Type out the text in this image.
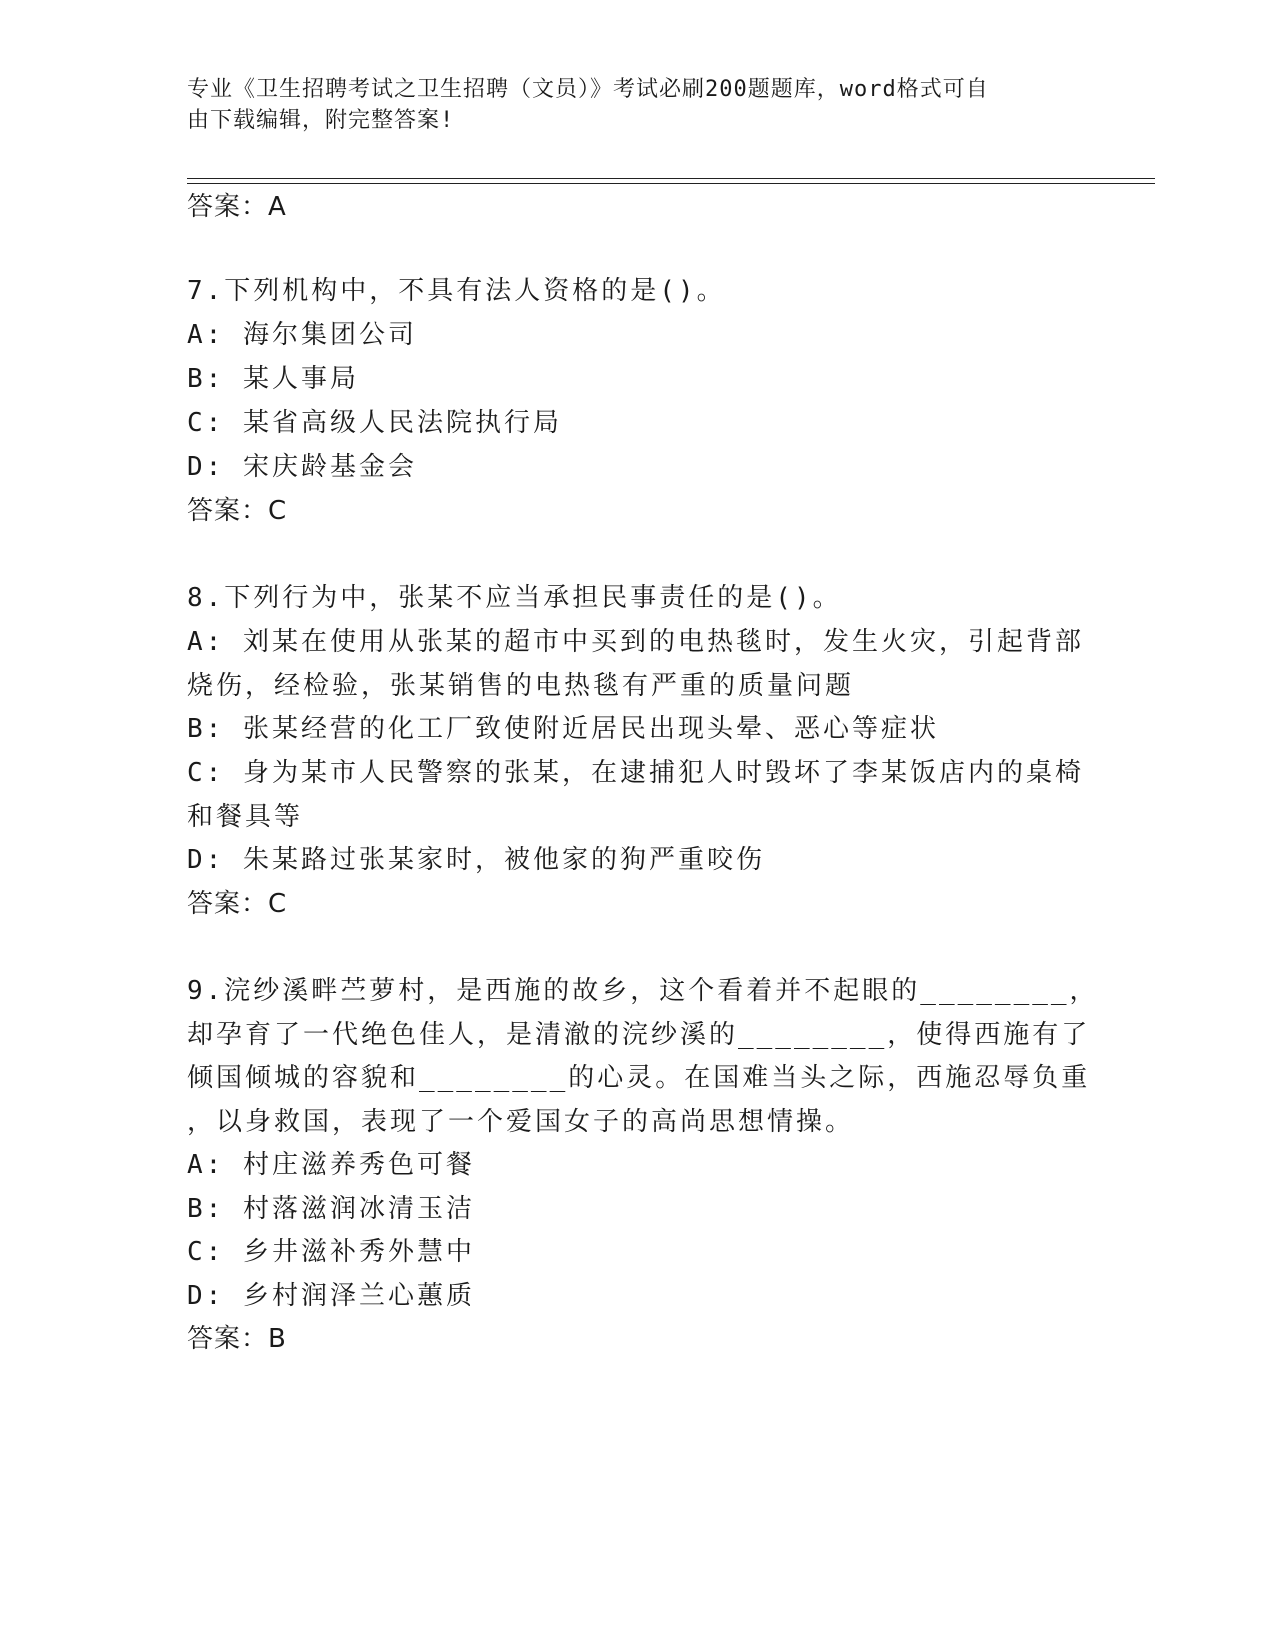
专业《卫生招聘考试之卫生招聘（文员）》考试必刷200题题库，word格式可自
由下载编辑，附完整答案!
答案：A
7.下列机构中，不具有法人资格的是()。
A: 海尔集团公司
B: 某人事局
C: 某省高级人民法院执行局
D: 宋庆龄基金会
答案：C
8.下列行为中，张某不应当承担民事责任的是()。
A: 刘某在使用从张某的超市中买到的电热毯时，发生火灾，引起背部
烧伤，经检验，张某销售的电热毯有严重的质量问题
B: 张某经营的化工厂致使附近居民出现头晕、恶心等症状
C: 身为某市人民警察的张某，在逮捕犯人时毁坏了李某饭店内的桌椅
和餐具等
D: 朱某路过张某家时，被他家的狗严重咬伤
答案：C
9.浣纱溪畔苎萝村，是西施的故乡，这个看着并不起眼的________，
却孕育了一代绝色佳人，是清澈的浣纱溪的________，使得西施有了
倾国倾城的容貌和________的心灵。在国难当头之际，西施忍辱负重
，以身救国，表现了一个爱国女子的高尚思想情操。
A: 村庄滋养秀色可餐
B: 村落滋润冰清玉洁
C: 乡井滋补秀外慧中
D: 乡村润泽兰心蕙质
答案：B
